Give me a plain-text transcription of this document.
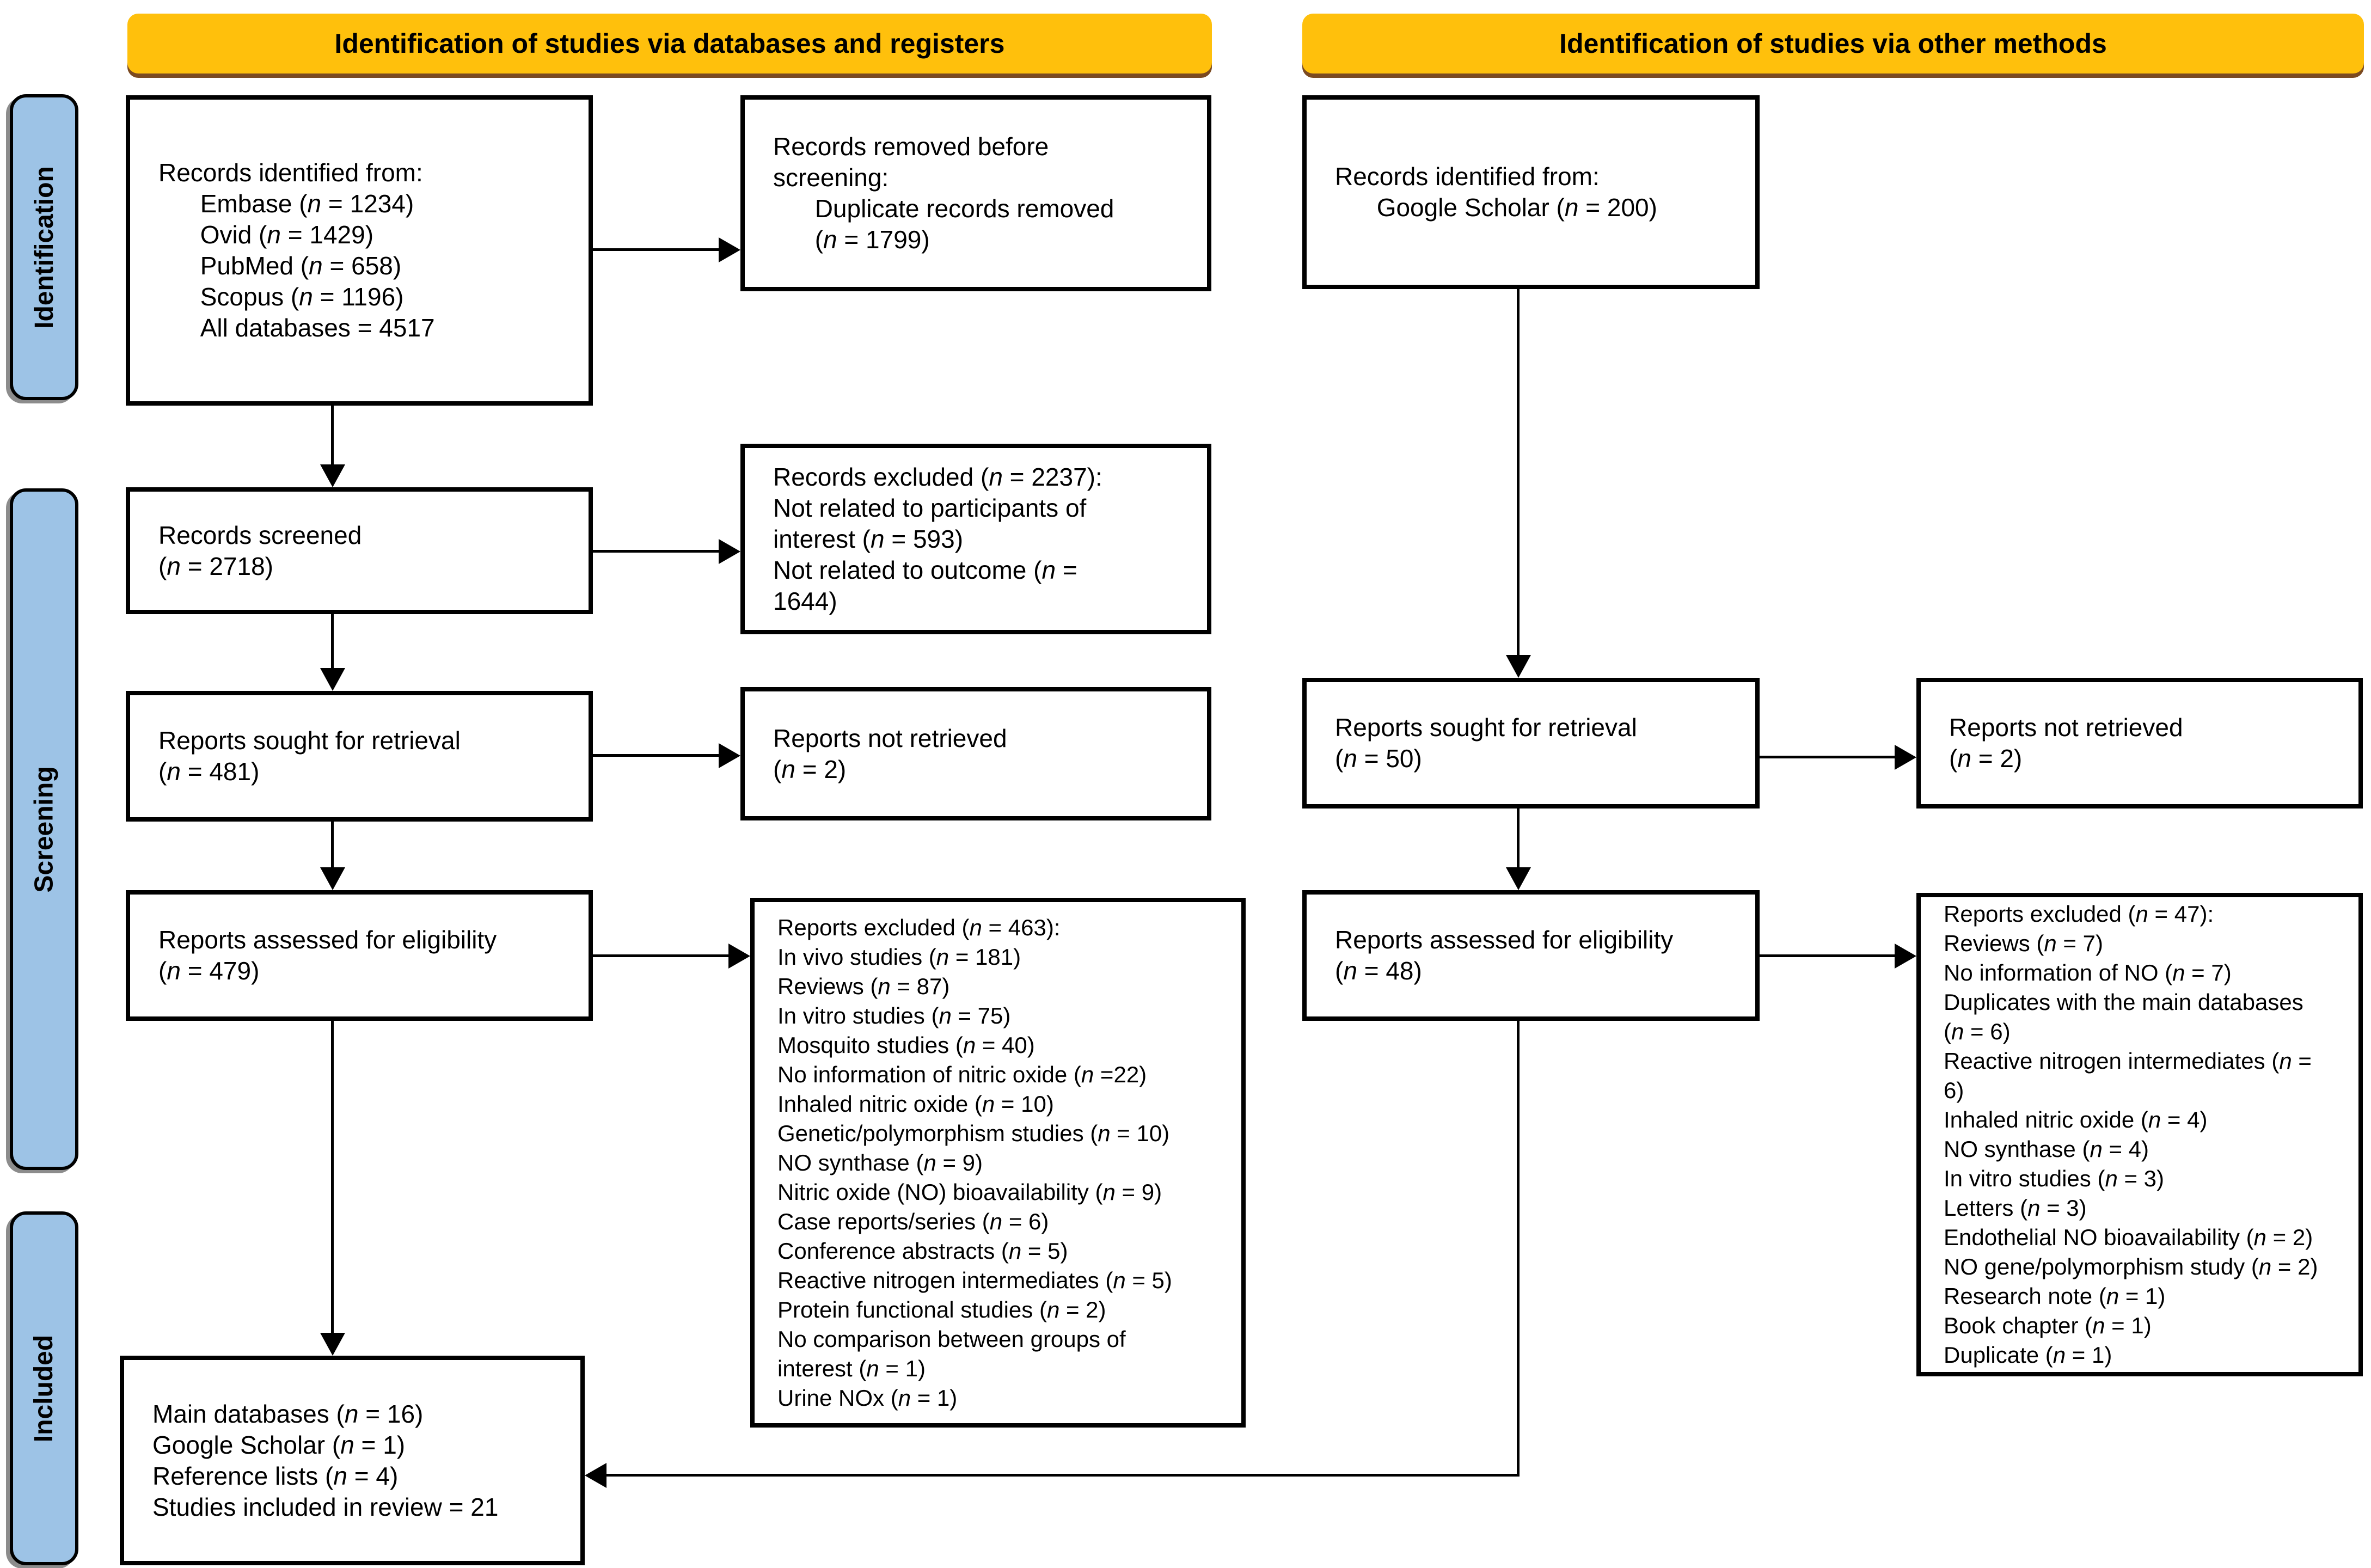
Identification of studies via databases and registers	Identification of studies via other methods
Identification
Screening
Included
Records identified from:
Embase (n = 1234)
Ovid (n = 1429)
PubMed (n = 658)
Scopus (n = 1196)
All databases = 4517
Records removed before
screening:
Duplicate records removed
(n = 1799)
Records screened
(n = 2718)
Records excluded (n = 2237):
Not related to participants of
interest (n = 593)
Not related to outcome (n =
1644)
Reports sought for retrieval
(n = 481)
Reports not retrieved
(n = 2)
Reports assessed for eligibility
(n = 479)
Reports excluded (n = 463):
In vivo studies (n = 181)
Reviews (n = 87)
In vitro studies (n = 75)
Mosquito studies (n = 40)
No information of nitric oxide (n =22)
Inhaled nitric oxide (n = 10)
Genetic/polymorphism studies (n = 10)
NO synthase (n = 9)
Nitric oxide (NO) bioavailability (n = 9)
Case reports/series (n = 6)
Conference abstracts (n = 5)
Reactive nitrogen intermediates (n = 5)
Protein functional studies (n = 2)
No comparison between groups of
interest (n = 1)
Urine NOx (n = 1)
Main databases (n = 16)
Google Scholar (n = 1)
Reference lists (n = 4)
Studies included in review = 21
Records identified from:
Google Scholar (n = 200)
Reports sought for retrieval
(n = 50)
Reports not retrieved
(n = 2)
Reports assessed for eligibility
(n = 48)
Reports excluded (n = 47):
Reviews (n = 7)
No information of NO (n = 7)
Duplicates with the main databases
(n = 6)
Reactive nitrogen intermediates (n =
6)
Inhaled nitric oxide (n = 4)
NO synthase (n = 4)
In vitro studies (n = 3)
Letters (n = 3)
Endothelial NO bioavailability (n = 2)
NO gene/polymorphism study (n = 2)
Research note (n = 1)
Book chapter (n = 1)
Duplicate (n = 1)
